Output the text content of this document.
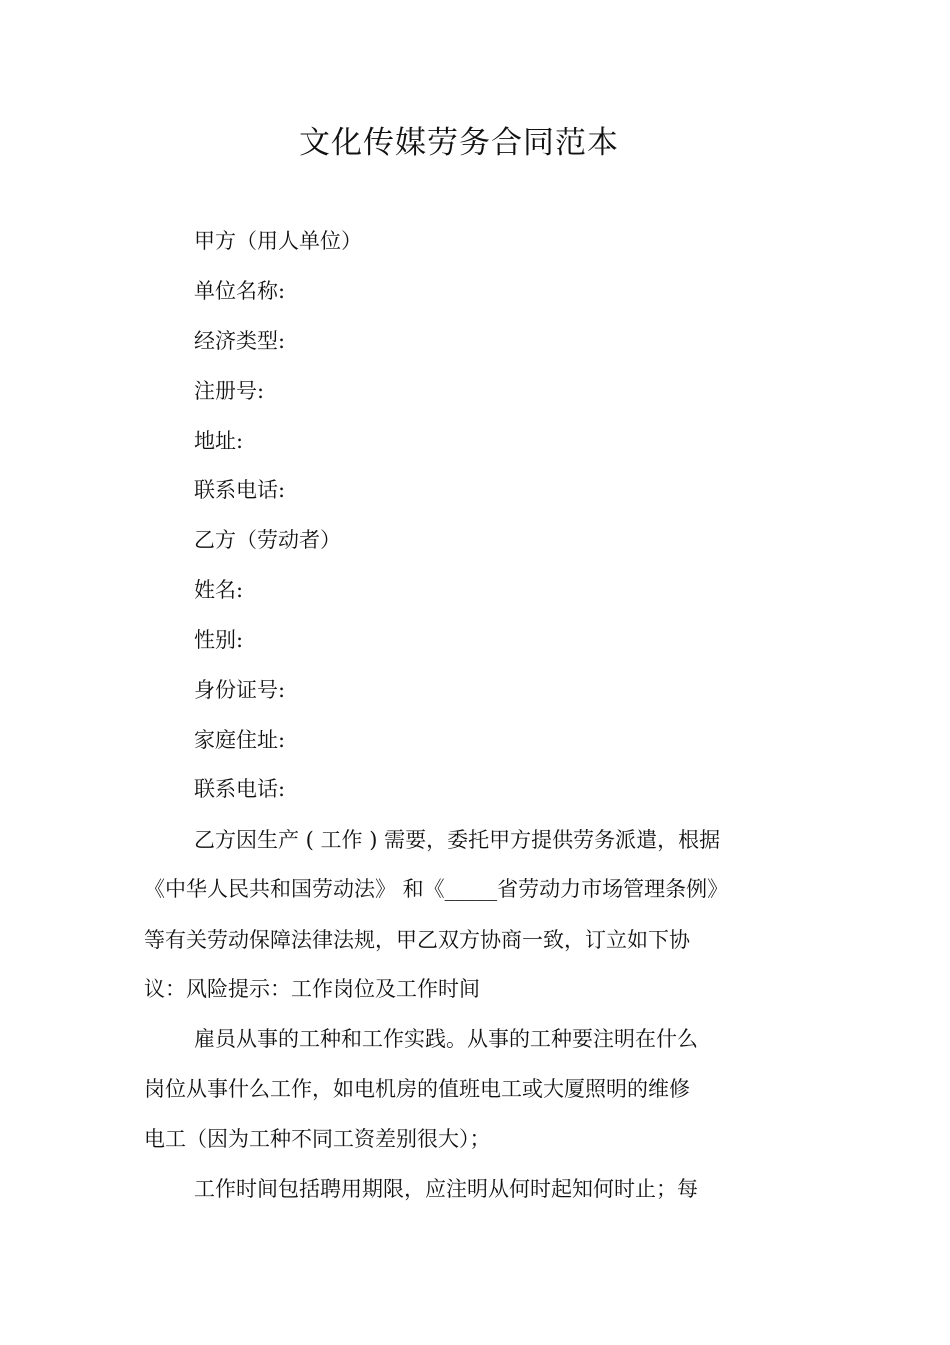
文化传媒劳务合同范本
甲方（用人单位）
单位名称:
经济类型:
注册号:
地址:
联系电话:
乙方（劳动者）
姓名:
性别:
身份证号:
家庭住址:
联系电话:
乙方因生产 ( 工作 ) 需要，委托甲方提供劳务派遣，根据
《中华人民共和国劳动法》 和《_____省劳动力市场管理条例》
等有关劳动保障法律法规，甲乙双方协商一致，订立如下协
议：风险提示：工作岗位及工作时间
雇员从事的工种和工作实践。从事的工种要注明在什么
岗位从事什么工作，如电机房的值班电工或大厦照明的维修
电工（因为工种不同工资差别很大）；
工作时间包括聘用期限，应注明从何时起知何时止；每
